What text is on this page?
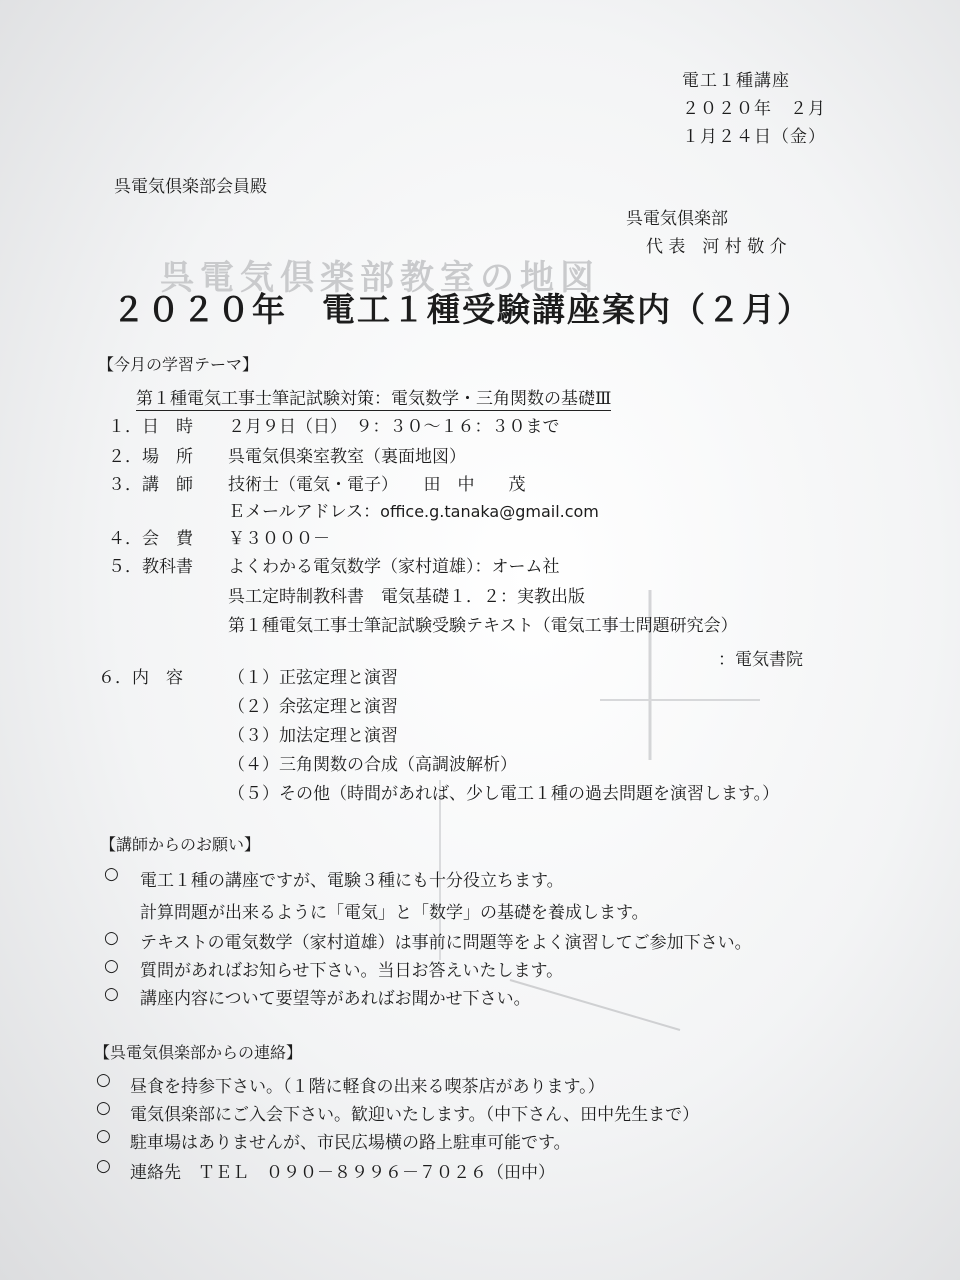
呉電気倶楽部教室の地図
電工１種講座
２０２０年　２月
１月２４日（金）
呉電気倶楽部会員殿
呉電気倶楽部
代 表　河 村 敬 介
２０２０年　電工１種受験講座案内（２月）
【今月の学習テーマ】
第１種電気工事士筆記試験対策：電気数学・三角関数の基礎Ⅲ
１．日　時 ２月９日（日）　９：３０～１６：３０まで
２．場　所 呉電気倶楽室教室（裏面地図）
３．講　師 技術士（電気・電子）　　田　中　　茂
Ｅメールアドレス：office.g.tanaka@gmail.com
４．会　費 ￥３０００－
５．教科書 よくわかる電気数学（家村道雄）：オーム社
呉工定時制教科書　電気基礎１．２：実教出版
第１種電気工事士筆記試験受験テキスト（電気工事士問題研究会）
：電気書院
６．内　容	（１）正弦定理と演習
（２）余弦定理と演習
（３）加法定理と演習
（４）三角関数の合成（高調波解析）
（５）その他（時間があれば、少し電工１種の過去問題を演習します。）
【講師からのお願い】
○ 電工１種の講座ですが、電験３種にも十分役立ちます。
計算問題が出来るように「電気」と「数学」の基礎を養成します。
○ テキストの電気数学（家村道雄）は事前に問題等をよく演習してご参加下さい。
○ 質問があればお知らせ下さい。当日お答えいたします。
○ 講座内容について要望等があればお聞かせ下さい。
【呉電気倶楽部からの連絡】
○ 昼食を持参下さい。（１階に軽食の出来る喫茶店があります。）
○ 電気倶楽部にご入会下さい。歓迎いたします。（中下さん、田中先生まで）
○ 駐車場はありませんが、市民広場横の路上駐車可能です。
○ 連絡先　ＴＥＬ　０９０－８９９６－７０２６（田中）
